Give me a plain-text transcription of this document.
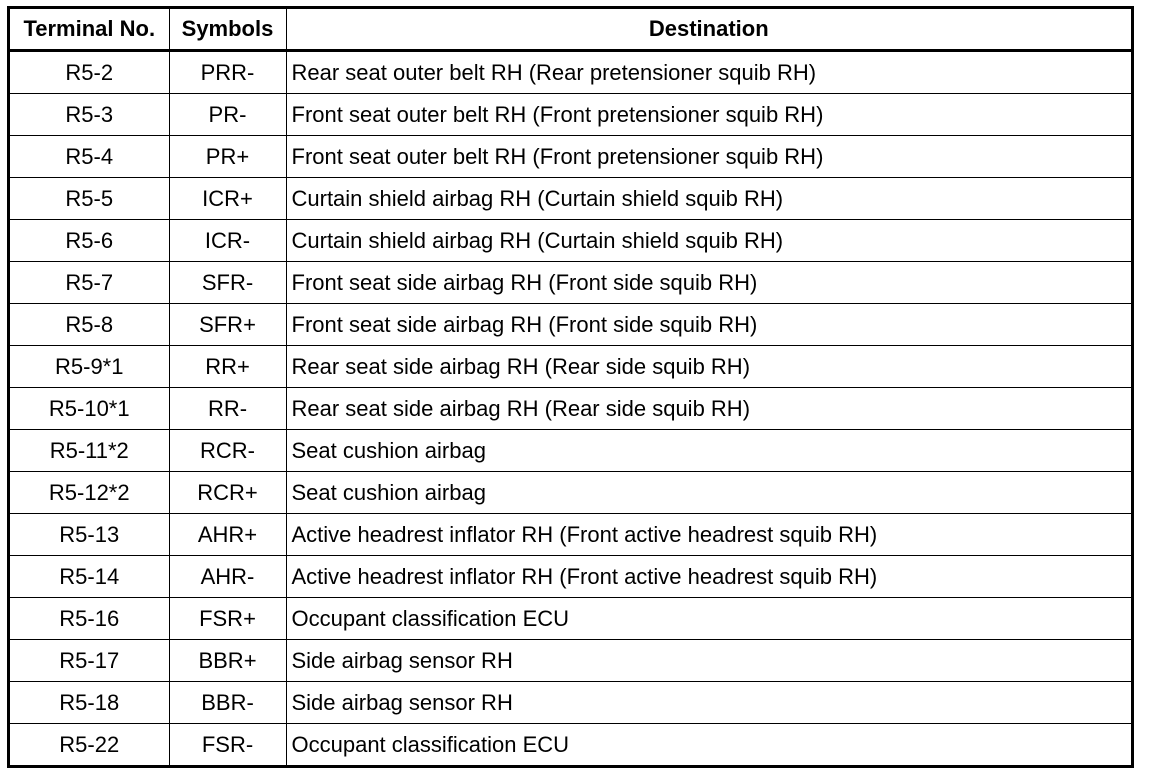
Terminal No.	Symbols	Destination
R5-2	PRR-	Rear seat outer belt RH (Rear pretensioner squib RH)
R5-3	PR-	Front seat outer belt RH (Front pretensioner squib RH)
R5-4	PR+	Front seat outer belt RH (Front pretensioner squib RH)
R5-5	ICR+	Curtain shield airbag RH (Curtain shield squib RH)
R5-6	ICR-	Curtain shield airbag RH (Curtain shield squib RH)
R5-7	SFR-	Front seat side airbag RH (Front side squib RH)
R5-8	SFR+	Front seat side airbag RH (Front side squib RH)
R5-9*1	RR+	Rear seat side airbag RH (Rear side squib RH)
R5-10*1	RR-	Rear seat side airbag RH (Rear side squib RH)
R5-11*2	RCR-	Seat cushion airbag
R5-12*2	RCR+	Seat cushion airbag
R5-13	AHR+	Active headrest inflator RH (Front active headrest squib RH)
R5-14	AHR-	Active headrest inflator RH (Front active headrest squib RH)
R5-16	FSR+	Occupant classification ECU
R5-17	BBR+	Side airbag sensor RH
R5-18	BBR-	Side airbag sensor RH
R5-22	FSR-	Occupant classification ECU
